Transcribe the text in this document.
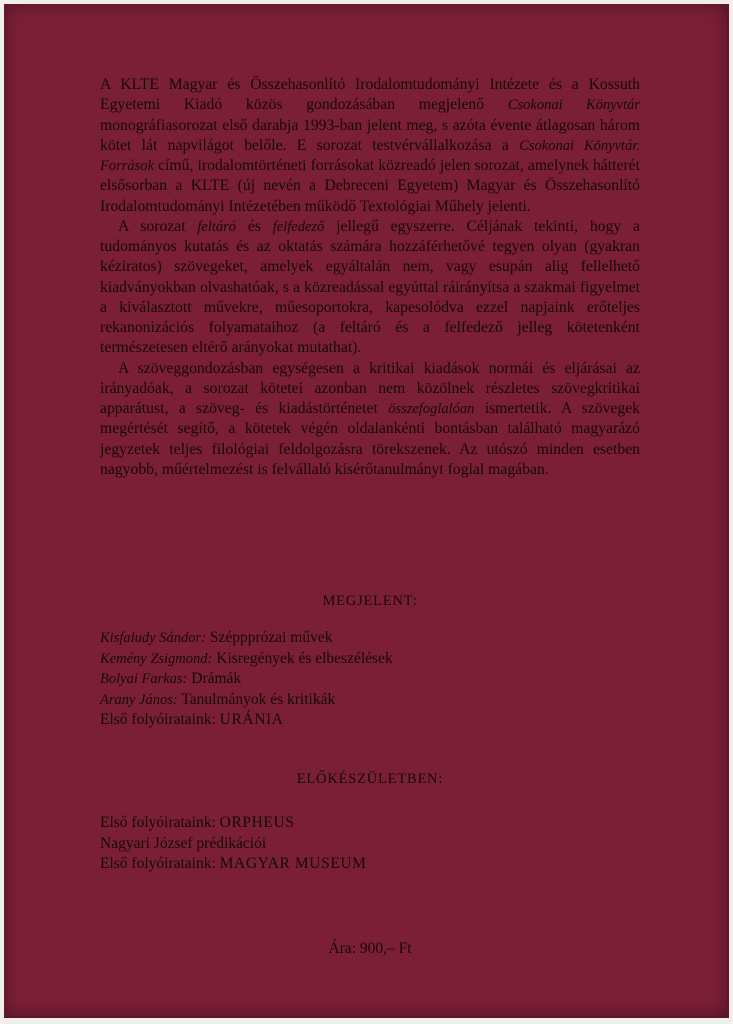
A KLTE Magyar és Összehasonlító Irodalomtudományi Intézete és a Kossuth Egyetemi Kiadó közös gondozásában megjelenő Csokonai Könyvtár monográfiasorozat első darabja 1993-ban jelent meg, s azóta évente átlagosan három kötet lát napvilágot belőle. E sorozat testvérvállalkozása a Csokonai Könyvtár. Források című, irodalomtörténeti forrásokat közreadó jelen sorozat, amelynek hátterét elsősorban a KLTE (új nevén a Debreceni Egyetem) Magyar és Összehasonlító Irodalomtudományi Intézetében működő Textológiai Műhely jelenti.

A sorozat feltáró és felfedező jellegű egyszerre. Céljának tekinti, hogy a tudományos kutatás és az oktatás számára hozzáférhetővé tegyen olyan (gyakran kéziratos) szövegeket, amelyek egyáltalán nem, vagy esupán alig fellelhető kiadványokban olvashatóak, s a közreadással egyúttal ráirányítsa a szakmai figyelmet a kiválasztott művekre, műesoportokra, kapesolódva ezzel napjaink erőteljes rekanonizációs folyamataihoz (a feltáró és a felfedező jelleg kötetenként természetesen eltérő arányokat mutathat).

A szöveggondozásban egységesen a kritikai kiadások normái és eljárásai az irányadóak, a sorozat kötetei azonban nem közölnek részletes szövegkritikai apparátust, a szöveg- és kiadástörténetet összefoglalóan ismertetik. A szövegek megértését segítő, a kötetek végén oldalankénti bontásban található magyarázó jegyzetek teljes filológiai feldolgozásra törekszenek. Az utószó minden esetben nagyobb, műértelmezést is felvállaló kísérőtanulmányt foglal magában.

MEGJELENT:
Kisfaludy Sándor: Széppprózai művek
Kemény Zsigmond: Kisregények és elbeszélések
Bolyai Farkas: Drámák
Arany János: Tanulmányok és kritikák
Első folyóirataink: URÁNIA
ELŐKÉSZÜLETBEN:
Első folyóirataink: ORPHEUS
Nagyari József prédikációi
Első folyóirataink: MAGYAR MUSEUM
Ára: 900,– Ft
